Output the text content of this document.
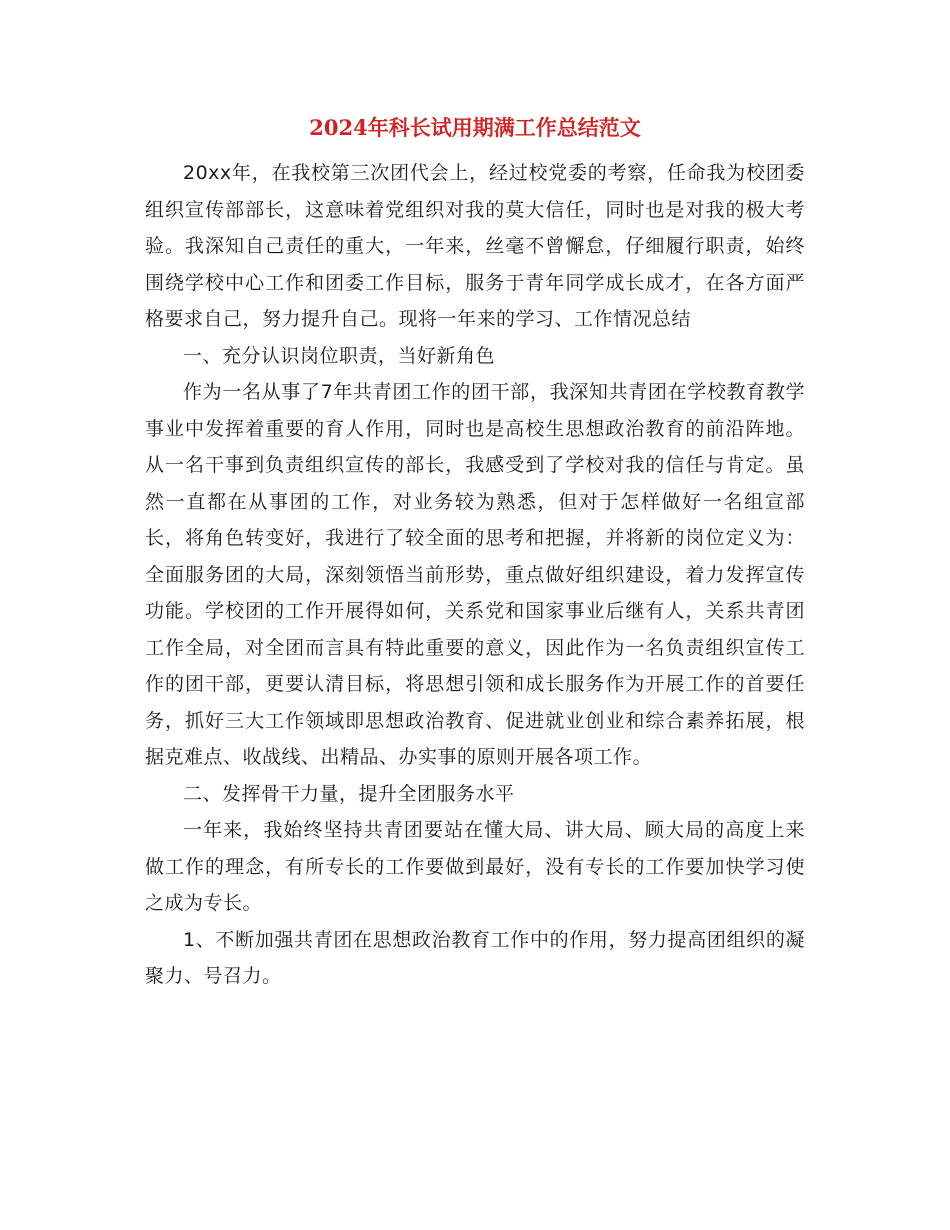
2024年科长试用期满工作总结范文

20xx年，在我校第三次团代会上，经过校党委的考察，任命我为校团委组织宣传部部长，这意味着党组织对我的莫大信任，同时也是对我的极大考验。我深知自己责任的重大，一年来，丝毫不曾懈怠，仔细履行职责，始终围绕学校中心工作和团委工作目标，服务于青年同学成长成才，在各方面严格要求自己，努力提升自己。现将一年来的学习、工作情况总结

一、充分认识岗位职责，当好新角色

作为一名从事了7年共青团工作的团干部，我深知共青团在学校教育教学事业中发挥着重要的育人作用，同时也是高校生思想政治教育的前沿阵地。从一名干事到负责组织宣传的部长，我感受到了学校对我的信任与肯定。虽然一直都在从事团的工作，对业务较为熟悉，但对于怎样做好一名组宣部长，将角色转变好，我进行了较全面的思考和把握，并将新的岗位定义为：全面服务团的大局，深刻领悟当前形势，重点做好组织建设，着力发挥宣传功能。学校团的工作开展得如何，关系党和国家事业后继有人，关系共青团工作全局，对全团而言具有特此重要的意义，因此作为一名负责组织宣传工作的团干部，更要认清目标，将思想引领和成长服务作为开展工作的首要任务，抓好三大工作领域即思想政治教育、促进就业创业和综合素养拓展，根据克难点、收战线、出精品、办实事的原则开展各项工作。

二、发挥骨干力量，提升全团服务水平

一年来，我始终坚持共青团要站在懂大局、讲大局、顾大局的高度上来做工作的理念，有所专长的工作要做到最好，没有专长的工作要加快学习使之成为专长。

1、不断加强共青团在思想政治教育工作中的作用，努力提高团组织的凝聚力、号召力。
